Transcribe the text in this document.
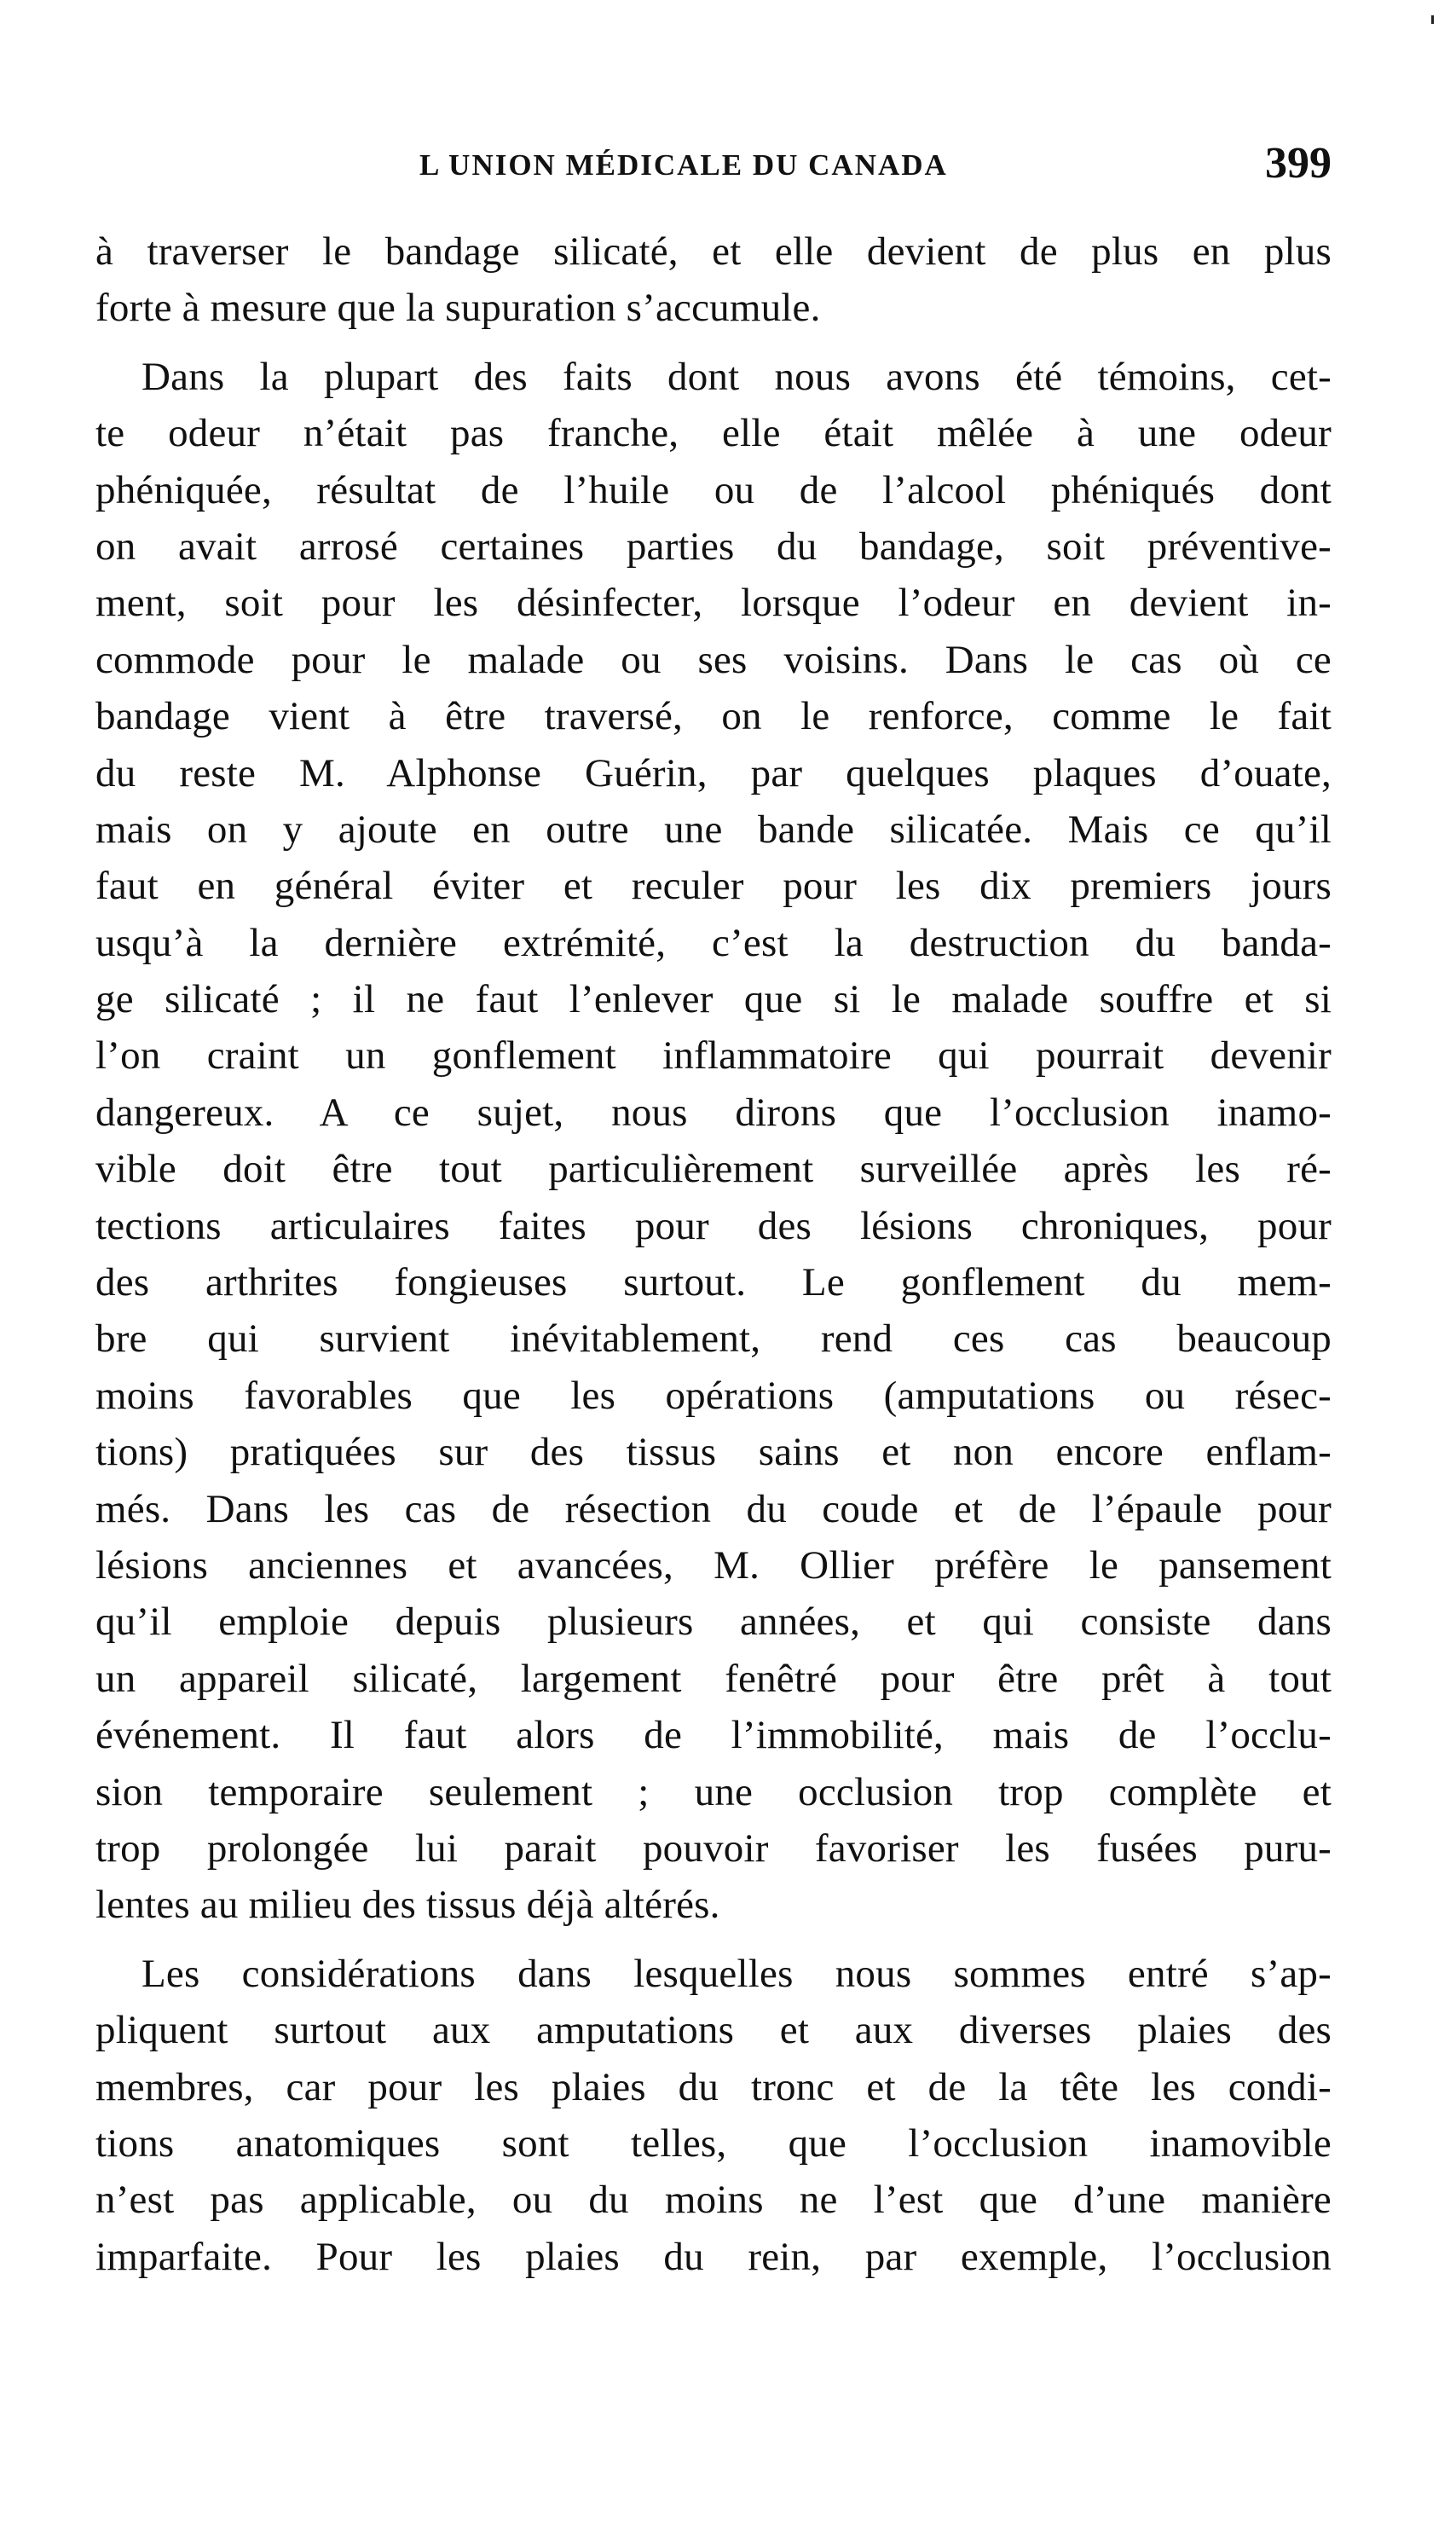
L UNION MÉDICALE DU CANADA	399
à traverser le bandage silicaté, et elle devient de plus en plus
forte à mesure que la supuration s’accumule.
Dans la plupart des faits dont nous avons été témoins, cet-
te odeur n’était pas franche, elle était mêlée à une odeur
phéniquée, résultat de l’huile ou de l’alcool phéniqués dont
on avait arrosé certaines parties du bandage, soit préventive-
ment, soit pour les désinfecter, lorsque l’odeur en devient in-
commode pour le malade ou ses voisins. Dans le cas où ce
bandage vient à être traversé, on le renforce, comme le fait
du reste M. Alphonse Guérin, par quelques plaques d’ouate,
mais on y ajoute en outre une bande silicatée. Mais ce qu’il
faut en général éviter et reculer pour les dix premiers jours
usqu’à la dernière extrémité, c’est la destruction du banda-
ge silicaté ; il ne faut l’enlever que si le malade souffre et si
l’on craint un gonflement inflammatoire qui pourrait devenir
dangereux. A ce sujet, nous dirons que l’occlusion inamo-
vible doit être tout particulièrement surveillée après les ré-
tections articulaires faites pour des lésions chroniques, pour
des arthrites fongieuses surtout. Le gonflement du mem-
bre qui survient inévitablement, rend ces cas beaucoup
moins favorables que les opérations (amputations ou résec-
tions) pratiquées sur des tissus sains et non encore enflam-
més. Dans les cas de résection du coude et de l’épaule pour
lésions anciennes et avancées, M. Ollier préfère le pansement
qu’il emploie depuis plusieurs années, et qui consiste dans
un appareil silicaté, largement fenêtré pour être prêt à tout
événement. Il faut alors de l’immobilité, mais de l’occlu-
sion temporaire seulement ; une occlusion trop complète et
trop prolongée lui parait pouvoir favoriser les fusées puru-
lentes au milieu des tissus déjà altérés.
Les considérations dans lesquelles nous sommes entré s’ap-
pliquent surtout aux amputations et aux diverses plaies des
membres, car pour les plaies du tronc et de la tête les condi-
tions anatomiques sont telles, que l’occlusion inamovible
n’est pas applicable, ou du moins ne l’est que d’une manière
imparfaite. Pour les plaies du rein, par exemple, l’occlusion
